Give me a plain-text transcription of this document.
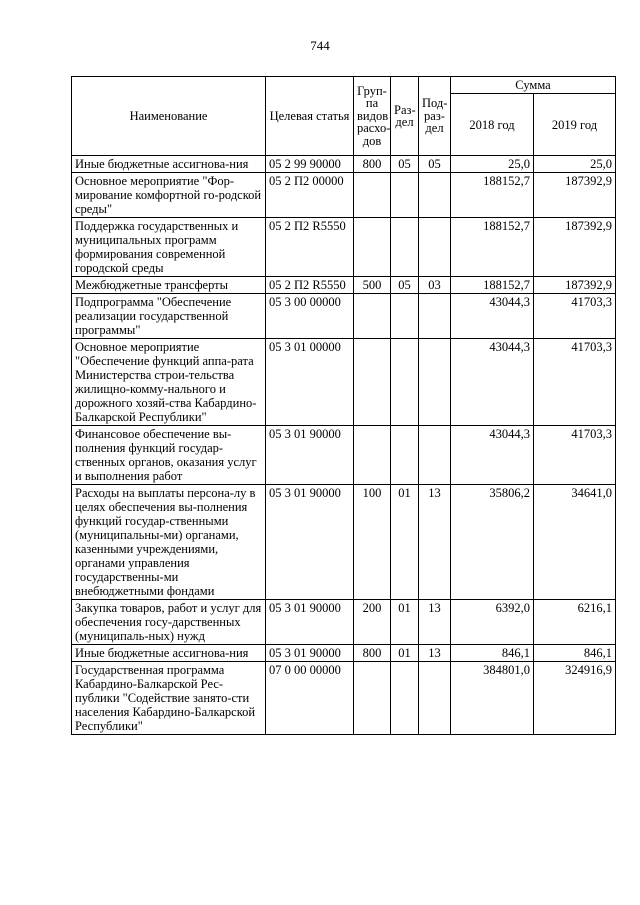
744
Наименование	Целевая статья	Груп-па видов расхо-дов	Раз-дел	Под-раз-дел	Сумма	
					2018 год	2019 год
Иные бюджетные ассигнова-ния	05 2 99 90000	800	05	05	25,0	25,0
Основное мероприятие "Фор-мирование комфортной го-родской среды"	05 2 П2 00000				188152,7	187392,9
Поддержка государственных и муниципальных программ формирования современной городской среды	05 2 П2 R5550				188152,7	187392,9
Межбюджетные трансферты	05 2 П2 R5550	500	05	03	188152,7	187392,9
Подпрограмма "Обеспечение реализации государственной программы"	05 3 00 00000				43044,3	41703,3
Основное мероприятие "Обеспечение функций аппа-рата Министерства строи-тельства жилищно-комму-нального и дорожного хозяй-ства Кабардино-Балкарской Республики"	05 3 01 00000				43044,3	41703,3
Финансовое обеспечение вы-полнения функций государ-ственных органов, оказания услуг и выполнения работ	05 3 01 90000				43044,3	41703,3
Расходы на выплаты персона-лу в целях обеспечения вы-полнения функций государ-ственными (муниципальны-ми) органами, казенными учреждениями, органами управления государственны-ми внебюджетными фондами	05 3 01 90000	100	01	13	35806,2	34641,0
Закупка товаров, работ и услуг для обеспечения госу-дарственных (муниципаль-ных) нужд	05 3 01 90000	200	01	13	6392,0	6216,1
Иные бюджетные ассигнова-ния	05 3 01 90000	800	01	13	846,1	846,1
Государственная программа Кабардино-Балкарской Рес-публики "Содействие занято-сти населения Кабардино-Балкарской Республики"	07 0 00 00000				384801,0	324916,9
